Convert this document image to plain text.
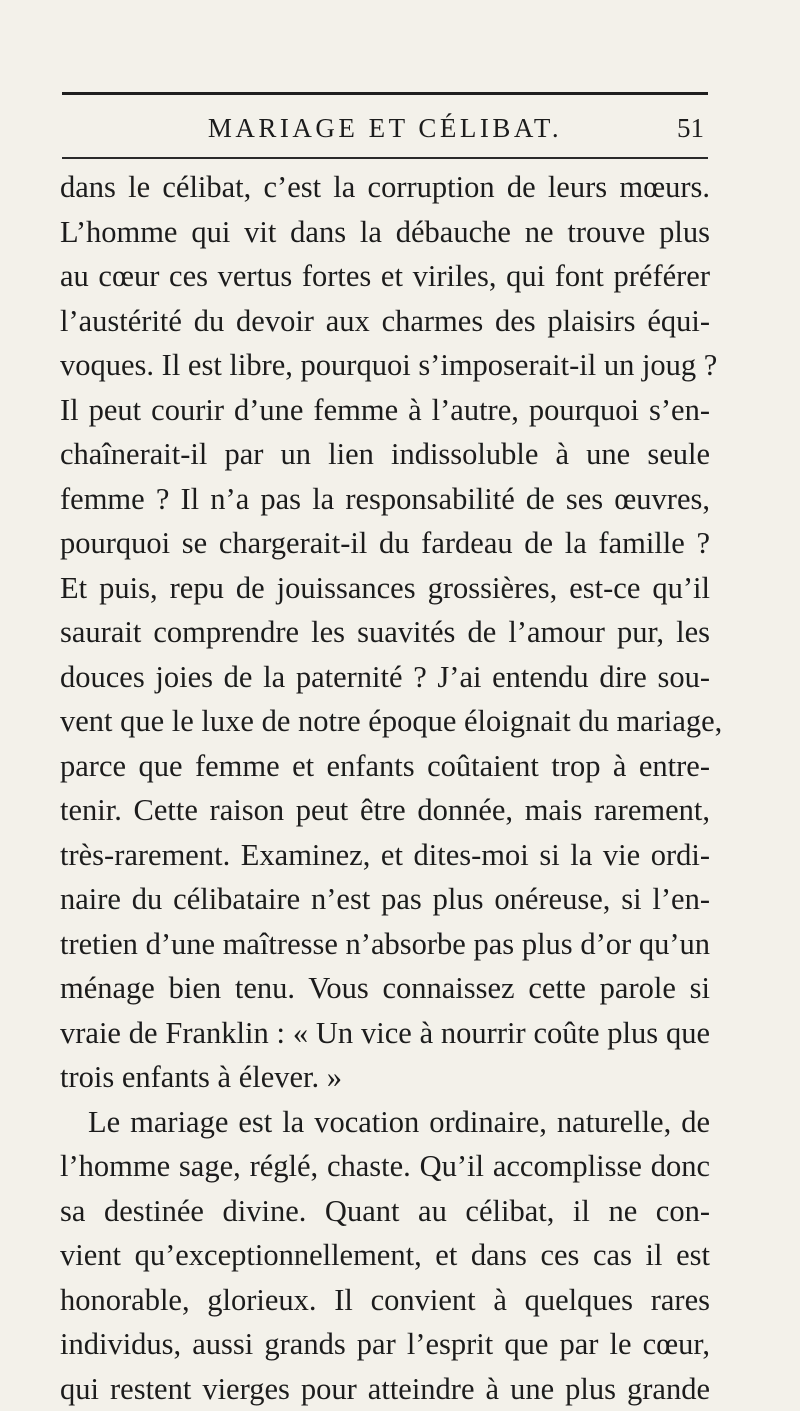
MARIAGE ET CÉLIBAT.	51
dans le célibat, c’est la corruption de leurs mœurs.
L’homme qui vit dans la débauche ne trouve plus
au cœur ces vertus fortes et viriles, qui font préférer
l’austérité du devoir aux charmes des plaisirs équi-
voques. Il est libre, pourquoi s’imposerait-il un joug ?
Il peut courir d’une femme à l’autre, pourquoi s’en-
chaînerait-il par un lien indissoluble à une seule
femme ? Il n’a pas la responsabilité de ses œuvres,
pourquoi se chargerait-il du fardeau de la famille ?
Et puis, repu de jouissances grossières, est-ce qu’il
saurait comprendre les suavités de l’amour pur, les
douces joies de la paternité ? J’ai entendu dire sou-
vent que le luxe de notre époque éloignait du mariage,
parce que femme et enfants coûtaient trop à entre-
tenir. Cette raison peut être donnée, mais rarement,
très-rarement. Examinez, et dites-moi si la vie ordi-
naire du célibataire n’est pas plus onéreuse, si l’en-
tretien d’une maîtresse n’absorbe pas plus d’or qu’un
ménage bien tenu. Vous connaissez cette parole si
vraie de Franklin : « Un vice à nourrir coûte plus que
trois enfants à élever. »
Le mariage est la vocation ordinaire, naturelle, de
l’homme sage, réglé, chaste. Qu’il accomplisse donc
sa destinée divine. Quant au célibat, il ne con-
vient qu’exceptionnellement, et dans ces cas il est
honorable, glorieux. Il convient à quelques rares
individus, aussi grands par l’esprit que par le cœur,
qui restent vierges pour atteindre à une plus grande
